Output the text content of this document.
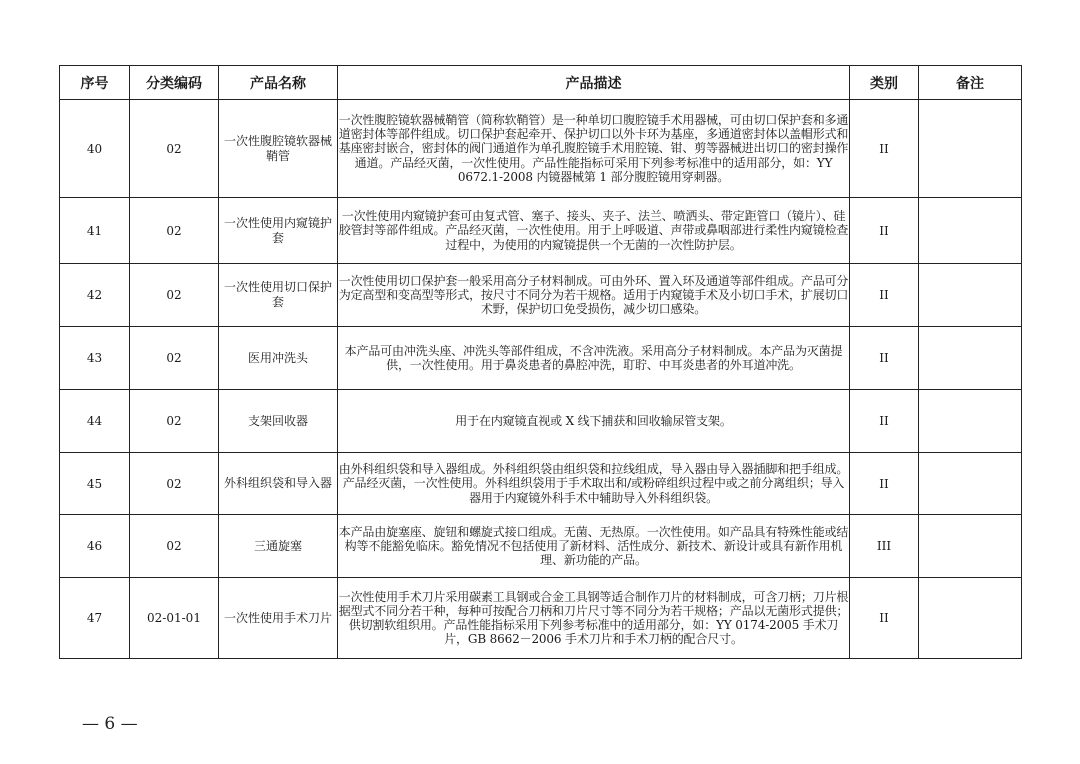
序号	分类编码	产品名称	产品描述	类别	备注
40	02	一次性腹腔镜软器械鞘管	一次性腹腔镜软器械鞘管（简称软鞘管）是一种单切口腹腔镜手术用器械，可由切口保护套和多通道密封体等部件组成。切口保护套起牵开、保护切口以外卡环为基座，多通道密封体以盖帽形式和基座密封嵌合，密封体的阀门通道作为单孔腹腔镜手术用腔镜、钳、剪等器械进出切口的密封操作通道。产品经灭菌，一次性使用。产品性能指标可采用下列参考标准中的适用部分，如：YY 0672.1-2008 内镜器械第 1 部分腹腔镜用穿刺器。	II	
41	02	一次性使用内窥镜护套	一次性使用内窥镜护套可由复式管、塞子、接头、夹子、法兰、喷洒头、带定距管口（镜片）、硅胶管封等部件组成。产品经灭菌，一次性使用。用于上呼吸道、声带或鼻咽部进行柔性内窥镜检查过程中，为使用的内窥镜提供一个无菌的一次性防护层。	II	
42	02	一次性使用切口保护套	一次性使用切口保护套一般采用高分子材料制成。可由外环、置入环及通道等部件组成。产品可分为定高型和变高型等形式，按尺寸不同分为若干规格。适用于内窥镜手术及小切口手术，扩展切口术野，保护切口免受损伤，减少切口感染。	II	
43	02	医用冲洗头	本产品可由冲洗头座、冲洗头等部件组成，不含冲洗液。采用高分子材料制成。本产品为灭菌提供，一次性使用。用于鼻炎患者的鼻腔冲洗，耵聍、中耳炎患者的外耳道冲洗。	II	
44	02	支架回收器	用于在内窥镜直视或 X 线下捕获和回收输尿管支架。	II	
45	02	外科组织袋和导入器	由外科组织袋和导入器组成。外科组织袋由组织袋和拉线组成，导入器由导入器插脚和把手组成。产品经灭菌，一次性使用。外科组织袋用于手术取出和/或粉碎组织过程中或之前分离组织；导入器用于内窥镜外科手术中辅助导入外科组织袋。	II	
46	02	三通旋塞	本产品由旋塞座、旋钮和螺旋式接口组成。无菌、无热原。一次性使用。如产品具有特殊性能或结构等不能豁免临床。豁免情况不包括使用了新材料、活性成分、新技术、新设计或具有新作用机理、新功能的产品。	III	
47	02-01-01	一次性使用手术刀片	一次性使用手术刀片采用碳素工具钢或合金工具钢等适合制作刀片的材料制成，可含刀柄；刀片根据型式不同分若干种，每种可按配合刀柄和刀片尺寸等不同分为若干规格；产品以无菌形式提供；供切割软组织用。产品性能指标采用下列参考标准中的适用部分，如：YY 0174-2005 手术刀片，GB 8662－2006 手术刀片和手术刀柄的配合尺寸。	II	
— 6 —
